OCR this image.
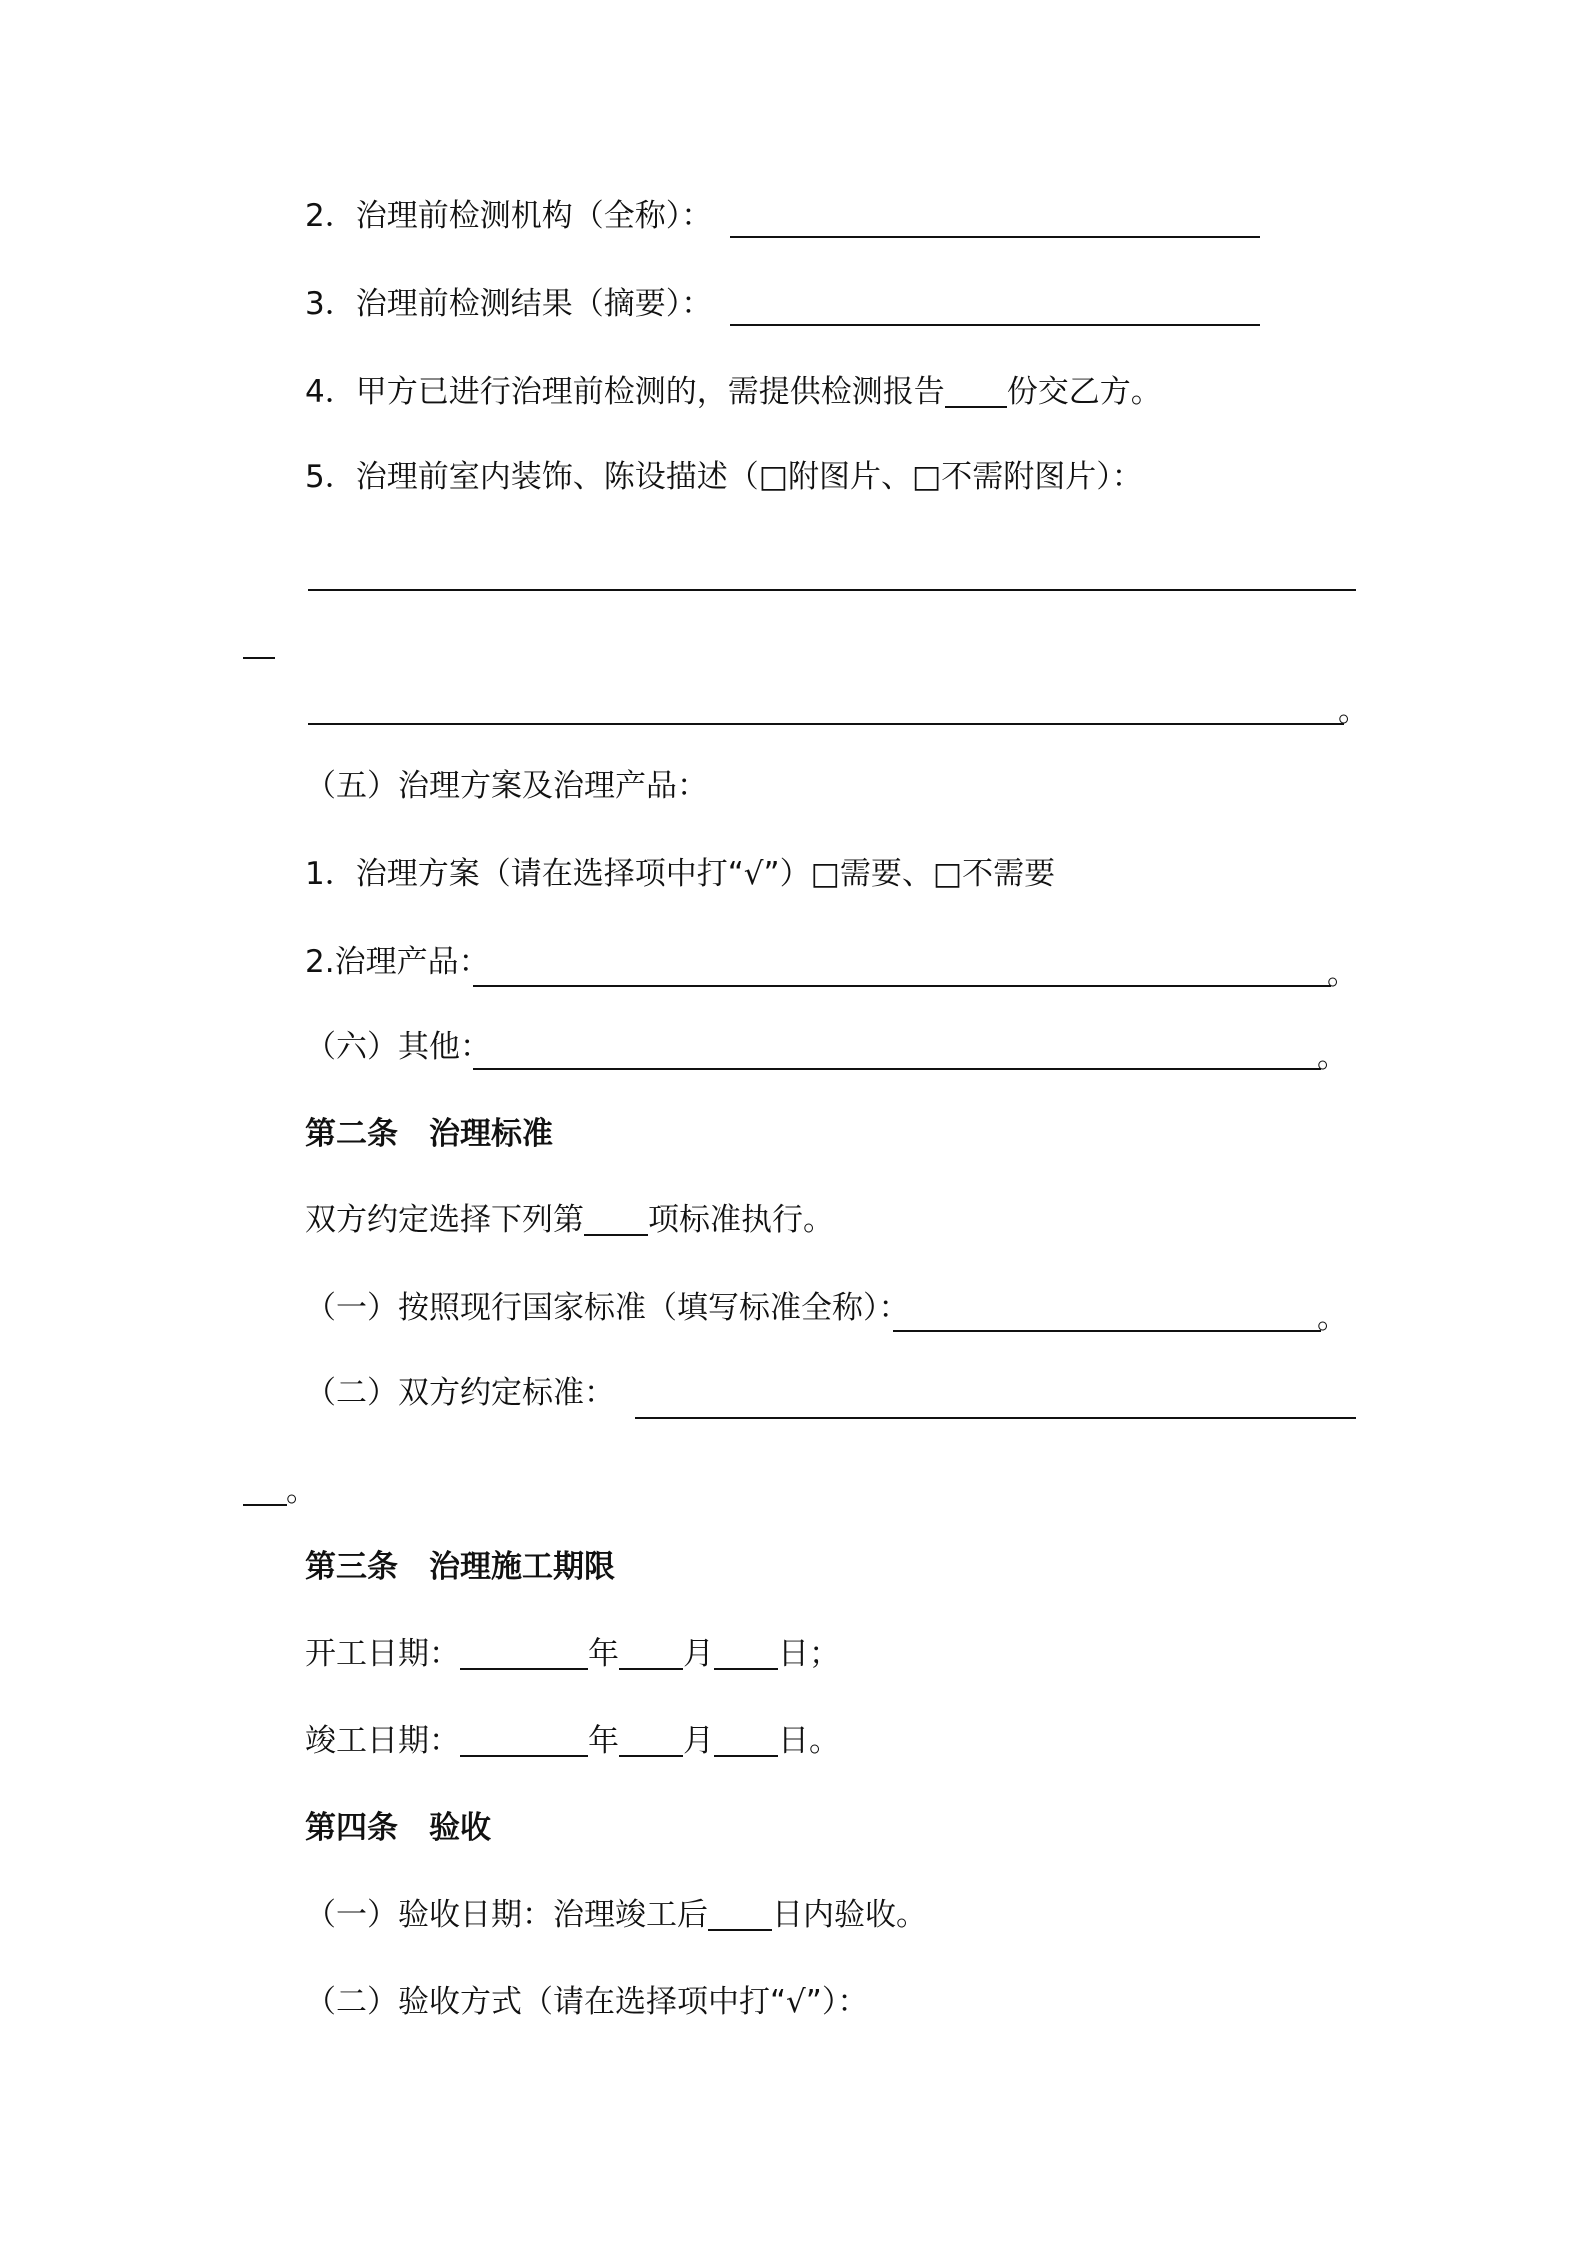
2．治理前检测机构（全称）：
3．治理前检测结果（摘要）：
4．甲方已进行治理前检测的，需提供检测报告 份交乙方。
5．治理前室内装饰、陈设描述（□附图片、□不需附图片）：
。
（五）治理方案及治理产品：
1．治理方案（请在选择项中打“√”）□需要、□不需要
2.治理产品：	。
（六）其他：	。
第二条　治理标准
双方约定选择下列第 项标准执行。
（一）按照现行国家标准（填写标准全称）：	。
（二）双方约定标准：
。
第三条　治理施工期限
开工日期：	年 月 日；
竣工日期：	年 月 日。
第四条　验收
（一）验收日期：治理竣工后 日内验收。
（二）验收方式（请在选择项中打“√”）：
